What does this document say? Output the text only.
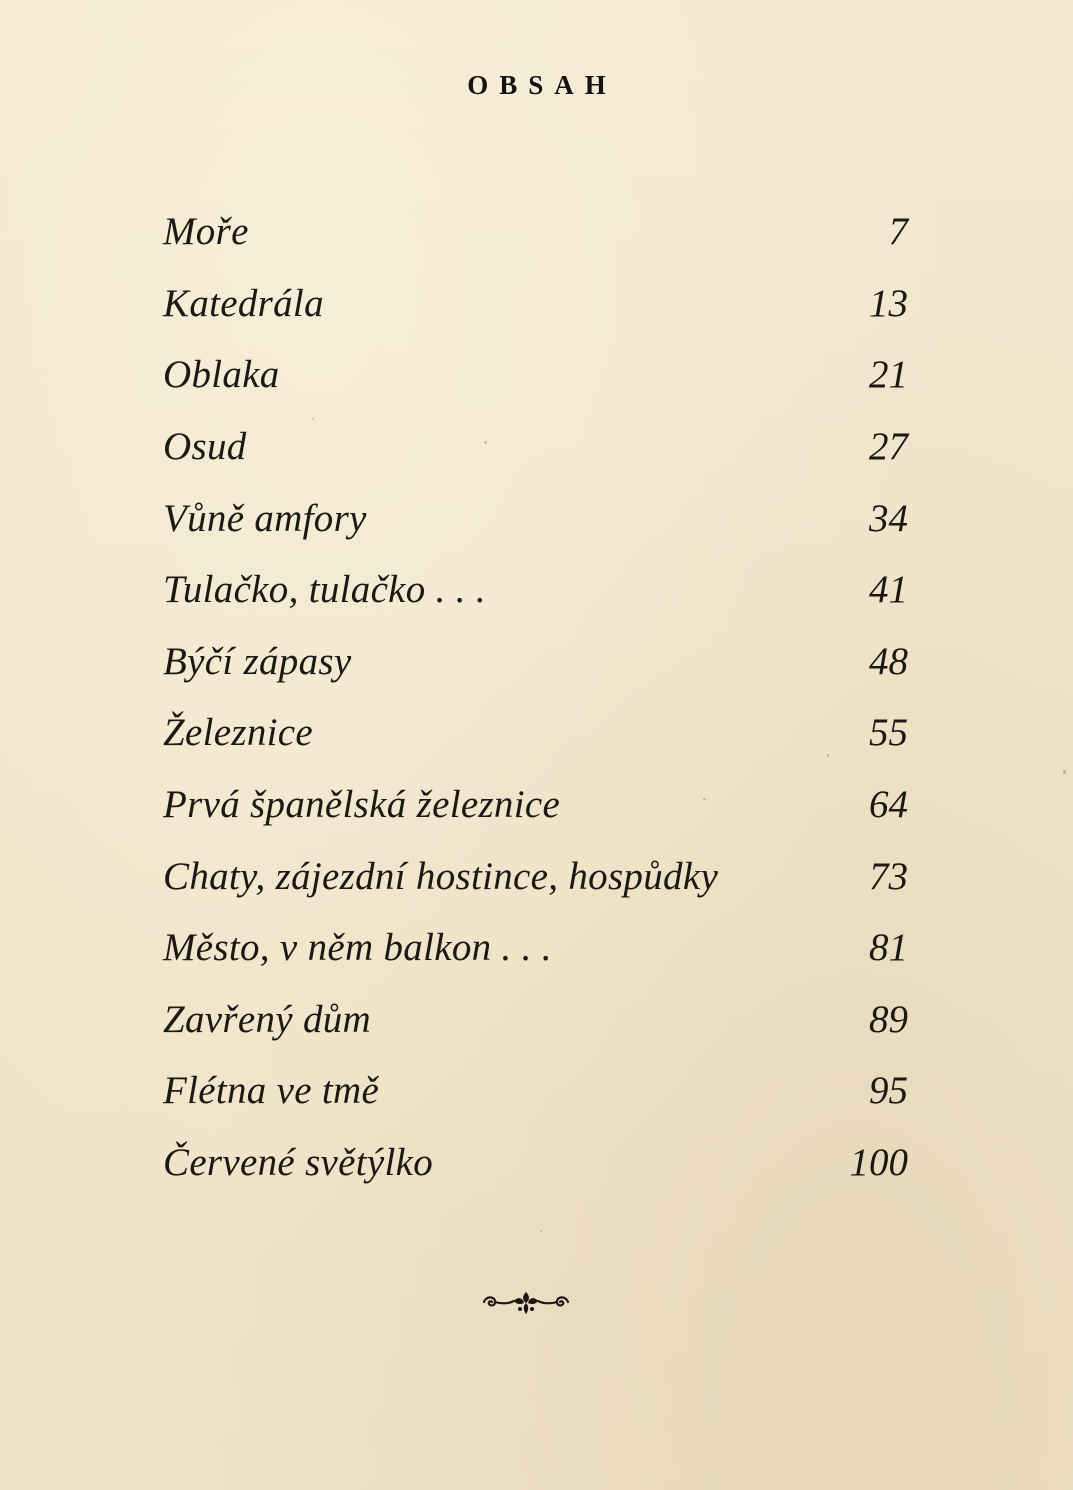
OBSAH
Moře	7
Katedrála	13
Oblaka	21
Osud	27
Vůně amfory	34
Tulačko, tulačko . . .	41
Býčí zápasy	48
Železnice	55
Prvá španělská železnice	64
Chaty, zájezdní hostince, hospůdky	73
Město, v něm balkon . . .	81
Zavřený dům	89
Flétna ve tmě	95
Červené světýlko	100
